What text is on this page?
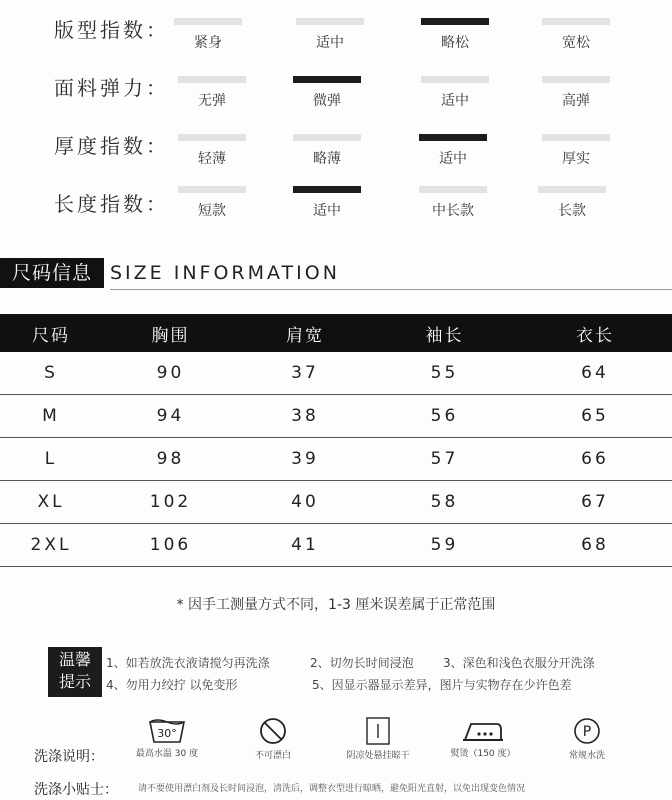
版型指数：
紧身	适中	略松	宽松
面料弹力：
无弹	微弹	适中	高弹
厚度指数：
轻薄	略薄	适中	厚实
长度指数：	短款	适中	中长款	长款
尺码信息 SIZE INFORMATION
尺码	胸围	肩宽	袖长	衣长
S	90	37	55	64
M	94	38	56	65
L	98	39	57	66
XL	102	40	58	67
2XL	106	41	59	68
* 因手工测量方式不同，1-3 厘米误差属于正常范围
温馨
提示
1、如若放洗衣液请搅匀再洗涤	2、切勿长时间浸泡 3、深色和浅色衣服分开洗涤
4、勿用力绞拧 以免变形	5、因显示器显示差异，图片与实物存在少许色差
洗涤说明：
30°
最高水温 30 度	不可漂白	阴凉处悬挂晾干	熨烫（150 度）
P
常规水洗
洗涤小贴士： 请不要使用漂白剂及长时间浸泡，清洗后，调整衣型进行晾晒，避免阳光直射，以免出现变色情况
